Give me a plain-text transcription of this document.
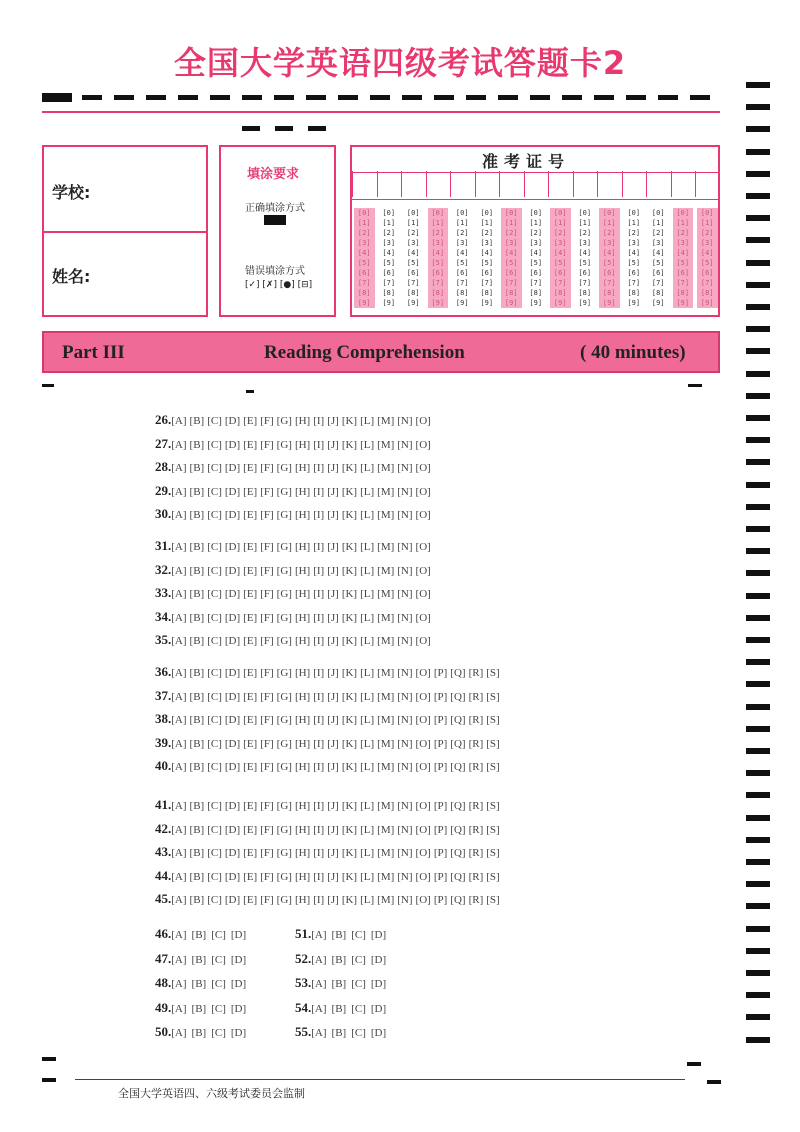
全国大学英语四级考试答题卡2
学校:
姓名:
填涂要求
正确填涂方式
错误填涂方式
[✓] [✗] [●] [⊟]
准考证号
[0]
[1]
[2]
[3]
[4]
[5]
[6]
[7]
[8]
[9]
[0]
[1]
[2]
[3]
[4]
[5]
[6]
[7]
[8]
[9]
[0]
[1]
[2]
[3]
[4]
[5]
[6]
[7]
[8]
[9]
[0]
[1]
[2]
[3]
[4]
[5]
[6]
[7]
[8]
[9]
[0]
[1]
[2]
[3]
[4]
[5]
[6]
[7]
[8]
[9]
[0]
[1]
[2]
[3]
[4]
[5]
[6]
[7]
[8]
[9]
[0]
[1]
[2]
[3]
[4]
[5]
[6]
[7]
[8]
[9]
[0]
[1]
[2]
[3]
[4]
[5]
[6]
[7]
[8]
[9]
[0]
[1]
[2]
[3]
[4]
[5]
[6]
[7]
[8]
[9]
[0]
[1]
[2]
[3]
[4]
[5]
[6]
[7]
[8]
[9]
[0]
[1]
[2]
[3]
[4]
[5]
[6]
[7]
[8]
[9]
[0]
[1]
[2]
[3]
[4]
[5]
[6]
[7]
[8]
[9]
[0]
[1]
[2]
[3]
[4]
[5]
[6]
[7]
[8]
[9]
[0]
[1]
[2]
[3]
[4]
[5]
[6]
[7]
[8]
[9]
[0]
[1]
[2]
[3]
[4]
[5]
[6]
[7]
[8]
[9]
Part III	Reading Comprehension	( 40 minutes)
26.[A] [B] [C] [D] [E] [F] [G] [H] [I] [J] [K] [L] [M] [N] [O]
27.[A] [B] [C] [D] [E] [F] [G] [H] [I] [J] [K] [L] [M] [N] [O]
28.[A] [B] [C] [D] [E] [F] [G] [H] [I] [J] [K] [L] [M] [N] [O]
29.[A] [B] [C] [D] [E] [F] [G] [H] [I] [J] [K] [L] [M] [N] [O]
30.[A] [B] [C] [D] [E] [F] [G] [H] [I] [J] [K] [L] [M] [N] [O]
31.[A] [B] [C] [D] [E] [F] [G] [H] [I] [J] [K] [L] [M] [N] [O]
32.[A] [B] [C] [D] [E] [F] [G] [H] [I] [J] [K] [L] [M] [N] [O]
33.[A] [B] [C] [D] [E] [F] [G] [H] [I] [J] [K] [L] [M] [N] [O]
34.[A] [B] [C] [D] [E] [F] [G] [H] [I] [J] [K] [L] [M] [N] [O]
35.[A] [B] [C] [D] [E] [F] [G] [H] [I] [J] [K] [L] [M] [N] [O]
36.[A] [B] [C] [D] [E] [F] [G] [H] [I] [J] [K] [L] [M] [N] [O] [P] [Q] [R] [S]
37.[A] [B] [C] [D] [E] [F] [G] [H] [I] [J] [K] [L] [M] [N] [O] [P] [Q] [R] [S]
38.[A] [B] [C] [D] [E] [F] [G] [H] [I] [J] [K] [L] [M] [N] [O] [P] [Q] [R] [S]
39.[A] [B] [C] [D] [E] [F] [G] [H] [I] [J] [K] [L] [M] [N] [O] [P] [Q] [R] [S]
40.[A] [B] [C] [D] [E] [F] [G] [H] [I] [J] [K] [L] [M] [N] [O] [P] [Q] [R] [S]
41.[A] [B] [C] [D] [E] [F] [G] [H] [I] [J] [K] [L] [M] [N] [O] [P] [Q] [R] [S]
42.[A] [B] [C] [D] [E] [F] [G] [H] [I] [J] [K] [L] [M] [N] [O] [P] [Q] [R] [S]
43.[A] [B] [C] [D] [E] [F] [G] [H] [I] [J] [K] [L] [M] [N] [O] [P] [Q] [R] [S]
44.[A] [B] [C] [D] [E] [F] [G] [H] [I] [J] [K] [L] [M] [N] [O] [P] [Q] [R] [S]
45.[A] [B] [C] [D] [E] [F] [G] [H] [I] [J] [K] [L] [M] [N] [O] [P] [Q] [R] [S]
46.[A] [B] [C] [D]
47.[A] [B] [C] [D]
48.[A] [B] [C] [D]
49.[A] [B] [C] [D]
50.[A] [B] [C] [D]
51.[A] [B] [C] [D]
52.[A] [B] [C] [D]
53.[A] [B] [C] [D]
54.[A] [B] [C] [D]
55.[A] [B] [C] [D]
全国大学英语四、六级考试委员会监制
